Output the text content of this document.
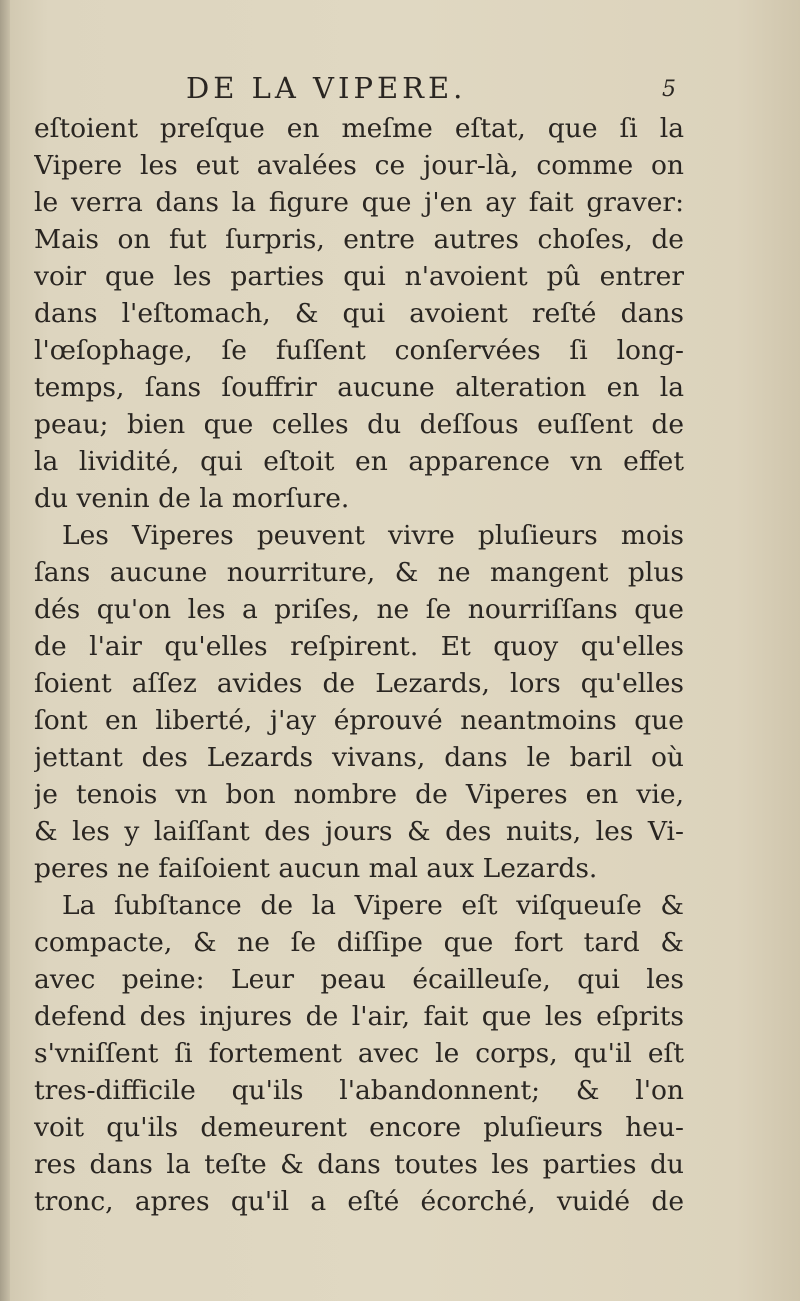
DE LA VIPERE.	5
eſtoient preſque en meſme eſtat, que ſi la
Vipere les eut avalées ce jour-là, comme on
le verra dans la figure que j'en ay fait graver:
Mais on fut ſurpris, entre autres choſes, de
voir que les parties qui n'avoient pû entrer
dans l'eſtomach, & qui avoient reſté dans
l'œſophage, ſe fuſſent conſervées ſi long-
temps, ſans ſouffrir aucune alteration en la
peau; bien que celles du deſſous euſſent de
la lividité, qui eſtoit en apparence vn effet
du venin de la morſure.
Les Viperes peuvent vivre pluſieurs mois
ſans aucune nourriture, & ne mangent plus
dés qu'on les a priſes, ne ſe nourriſſans que
de l'air qu'elles reſpirent. Et quoy qu'elles
ſoient aſſez avides de Lezards, lors qu'elles
ſont en liberté, j'ay éprouvé neantmoins que
jettant des Lezards vivans, dans le baril où
je tenois vn bon nombre de Viperes en vie,
& les y laiſſant des jours & des nuits, les Vi-
peres ne faiſoient aucun mal aux Lezards.
La ſubſtance de la Vipere eſt viſqueuſe &
compacte, & ne ſe diſſipe que fort tard &
avec peine: Leur peau écailleuſe, qui les
defend des injures de l'air, fait que les eſprits
s'vniſſent ſi fortement avec le corps, qu'il eſt
tres-difficile qu'ils l'abandonnent; & l'on
voit qu'ils demeurent encore pluſieurs heu-
res dans la teſte & dans toutes les parties du
tronc, apres qu'il a eſté écorché, vuidé de
